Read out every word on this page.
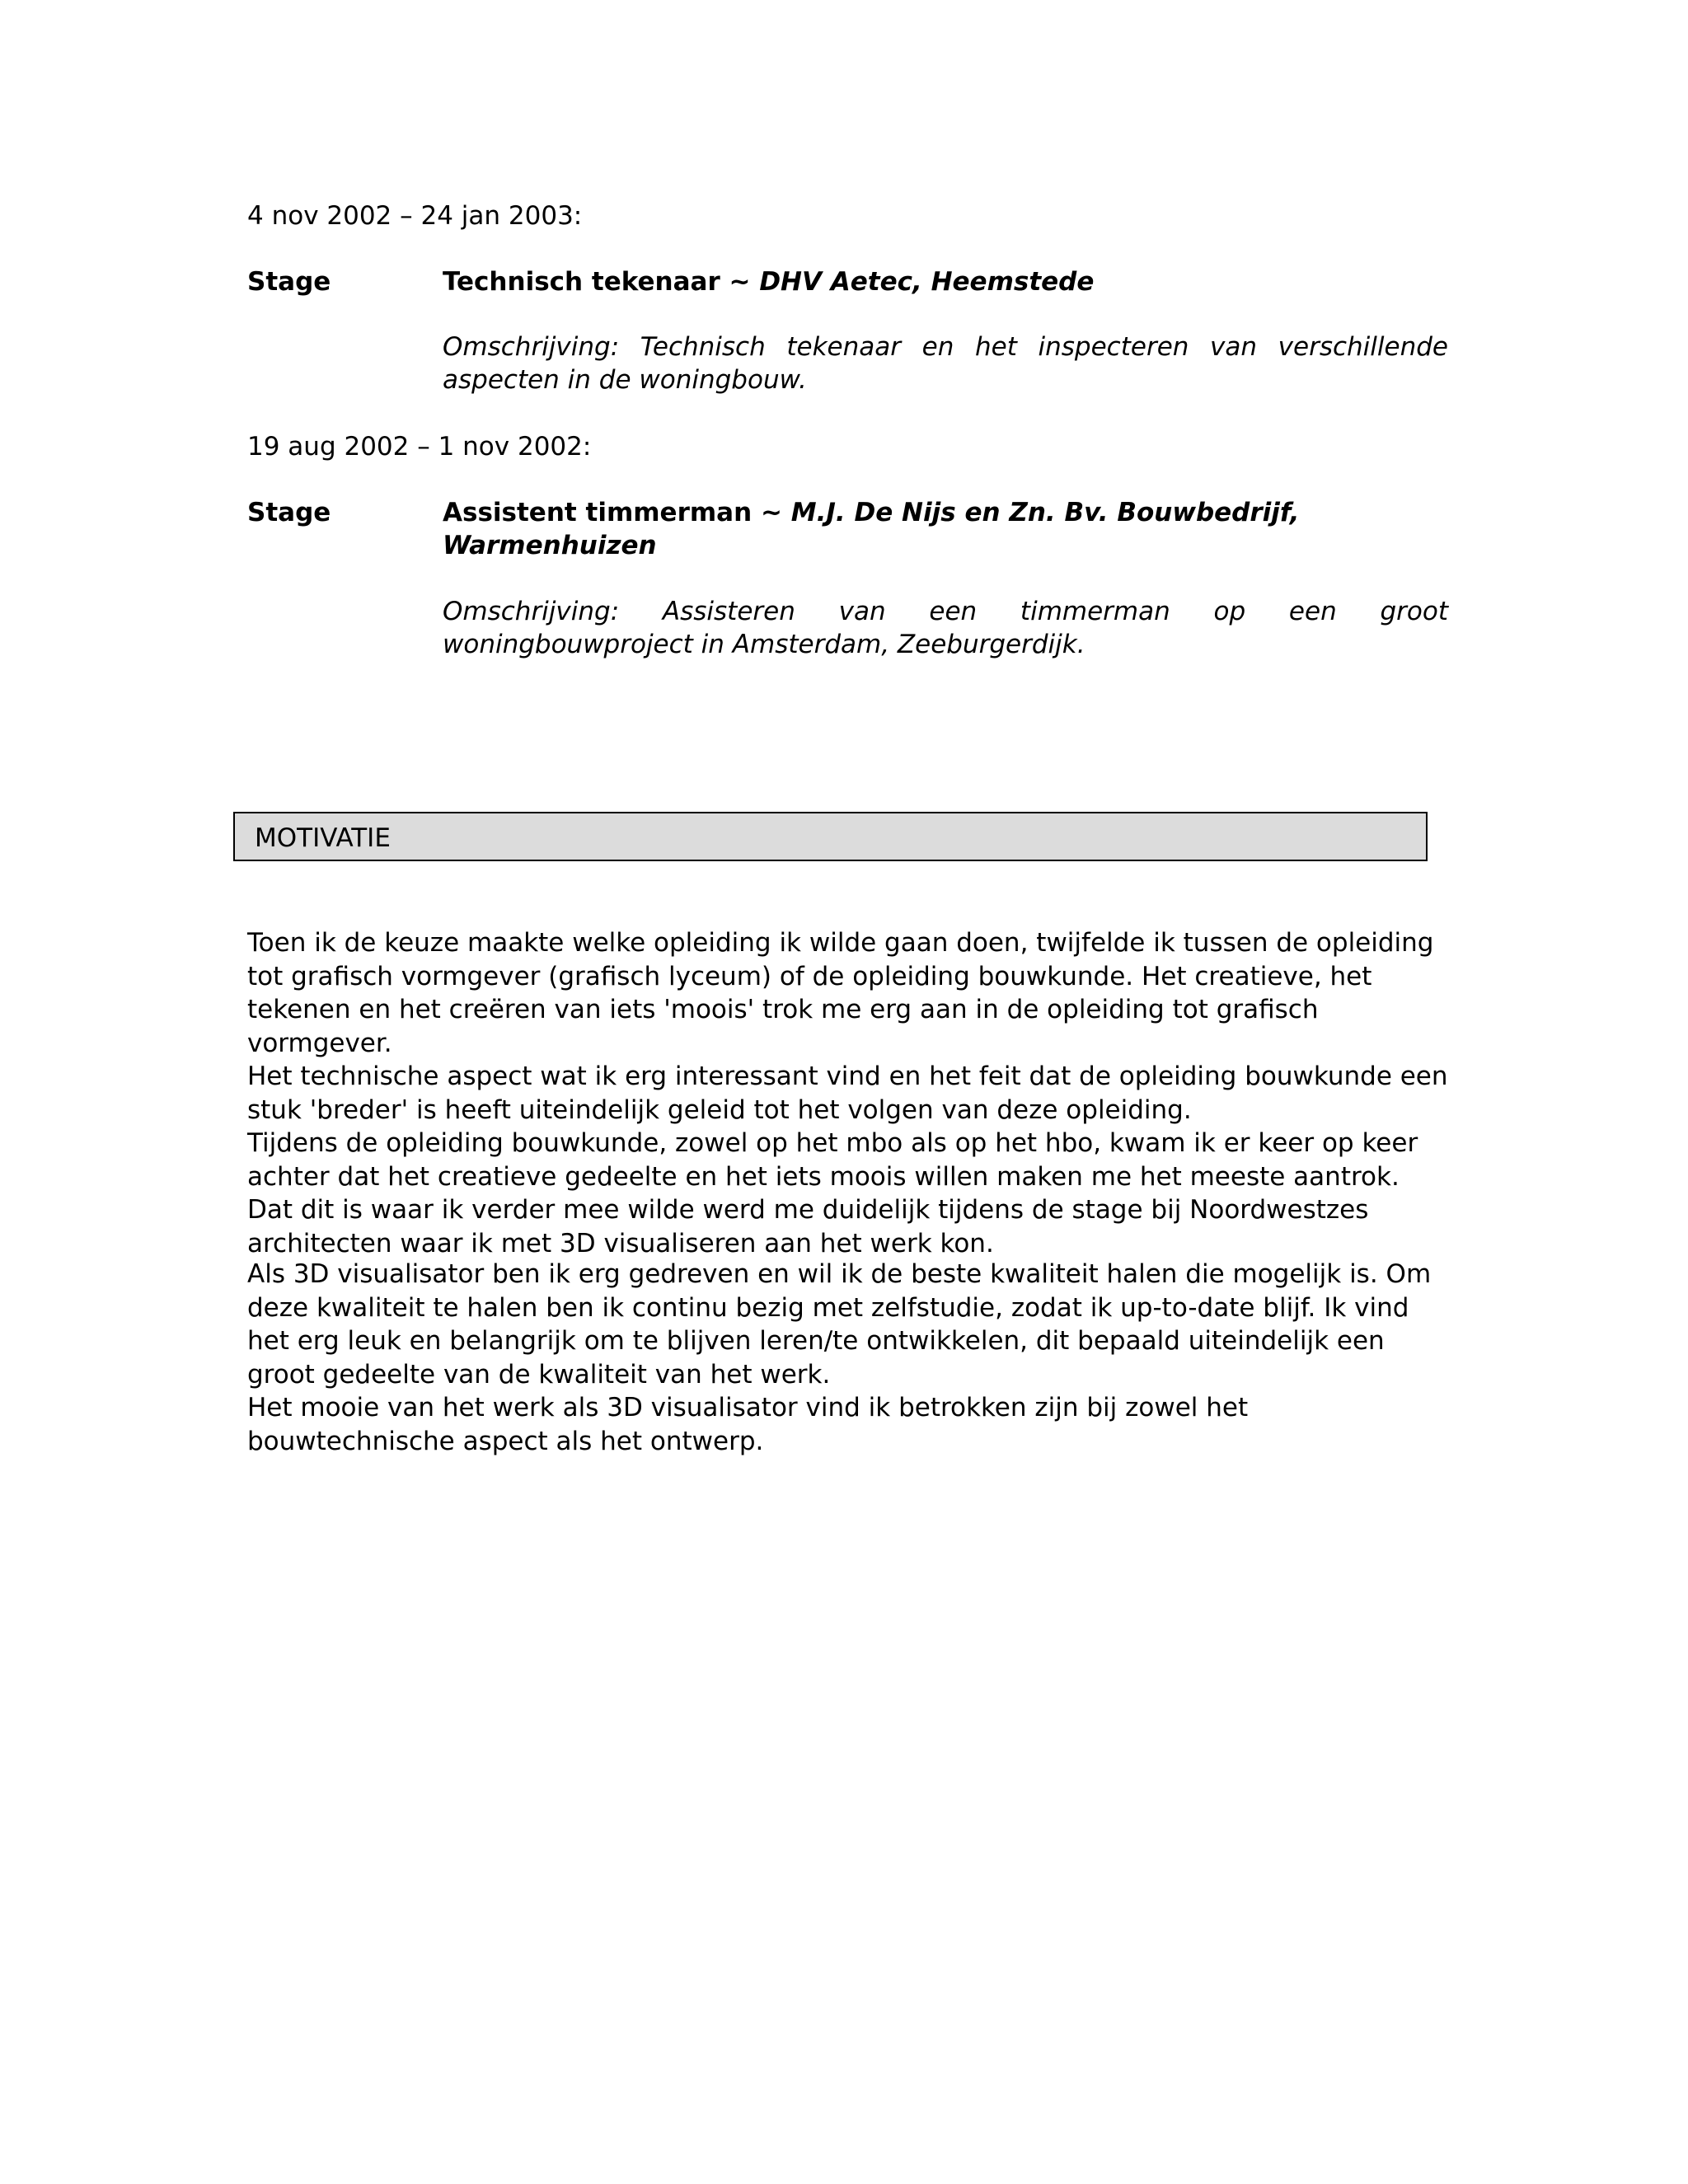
4 nov 2002 – 24 jan 2003:
Stage	Technisch tekenaar ~ DHV Aetec, Heemstede
Omschrijving: Technisch tekenaar en het inspecteren van verschillende aspecten in de woningbouw.
19 aug 2002 – 1 nov 2002:
Stage	Assistent timmerman ~ M.J. De Nijs en Zn. Bv. Bouwbedrijf, Warmenhuizen
Omschrijving: Assisteren van een timmerman op een groot woningbouwproject in Amsterdam, Zeeburgerdijk.
MOTIVATIE

Toen ik de keuze maakte welke opleiding ik wilde gaan doen, twijfelde ik tussen de opleiding tot grafisch vormgever (grafisch lyceum) of de opleiding bouwkunde. Het creatieve, het tekenen en het creëren van iets 'moois' trok me erg aan in de opleiding tot grafisch vormgever.

Het technische aspect wat ik erg interessant vind en het feit dat de opleiding bouwkunde een stuk 'breder' is heeft uiteindelijk geleid tot het volgen van deze opleiding.

Tijdens de opleiding bouwkunde, zowel op het mbo als op het hbo, kwam ik er keer op keer achter dat het creatieve gedeelte en het iets moois willen maken me het meeste aantrok. Dat dit is waar ik verder mee wilde werd me duidelijk tijdens de stage bij Noordwestzes architecten waar ik met 3D visualiseren aan het werk kon.

Als 3D visualisator ben ik erg gedreven en wil ik de beste kwaliteit halen die mogelijk is. Om deze kwaliteit te halen ben ik continu bezig met zelfstudie, zodat ik up-to-date blijf. Ik vind het erg leuk en belangrijk om te blijven leren/te ontwikkelen, dit bepaald uiteindelijk een groot gedeelte van de kwaliteit van het werk.

Het mooie van het werk als 3D visualisator vind ik betrokken zijn bij zowel het bouwtechnische aspect als het ontwerp.
